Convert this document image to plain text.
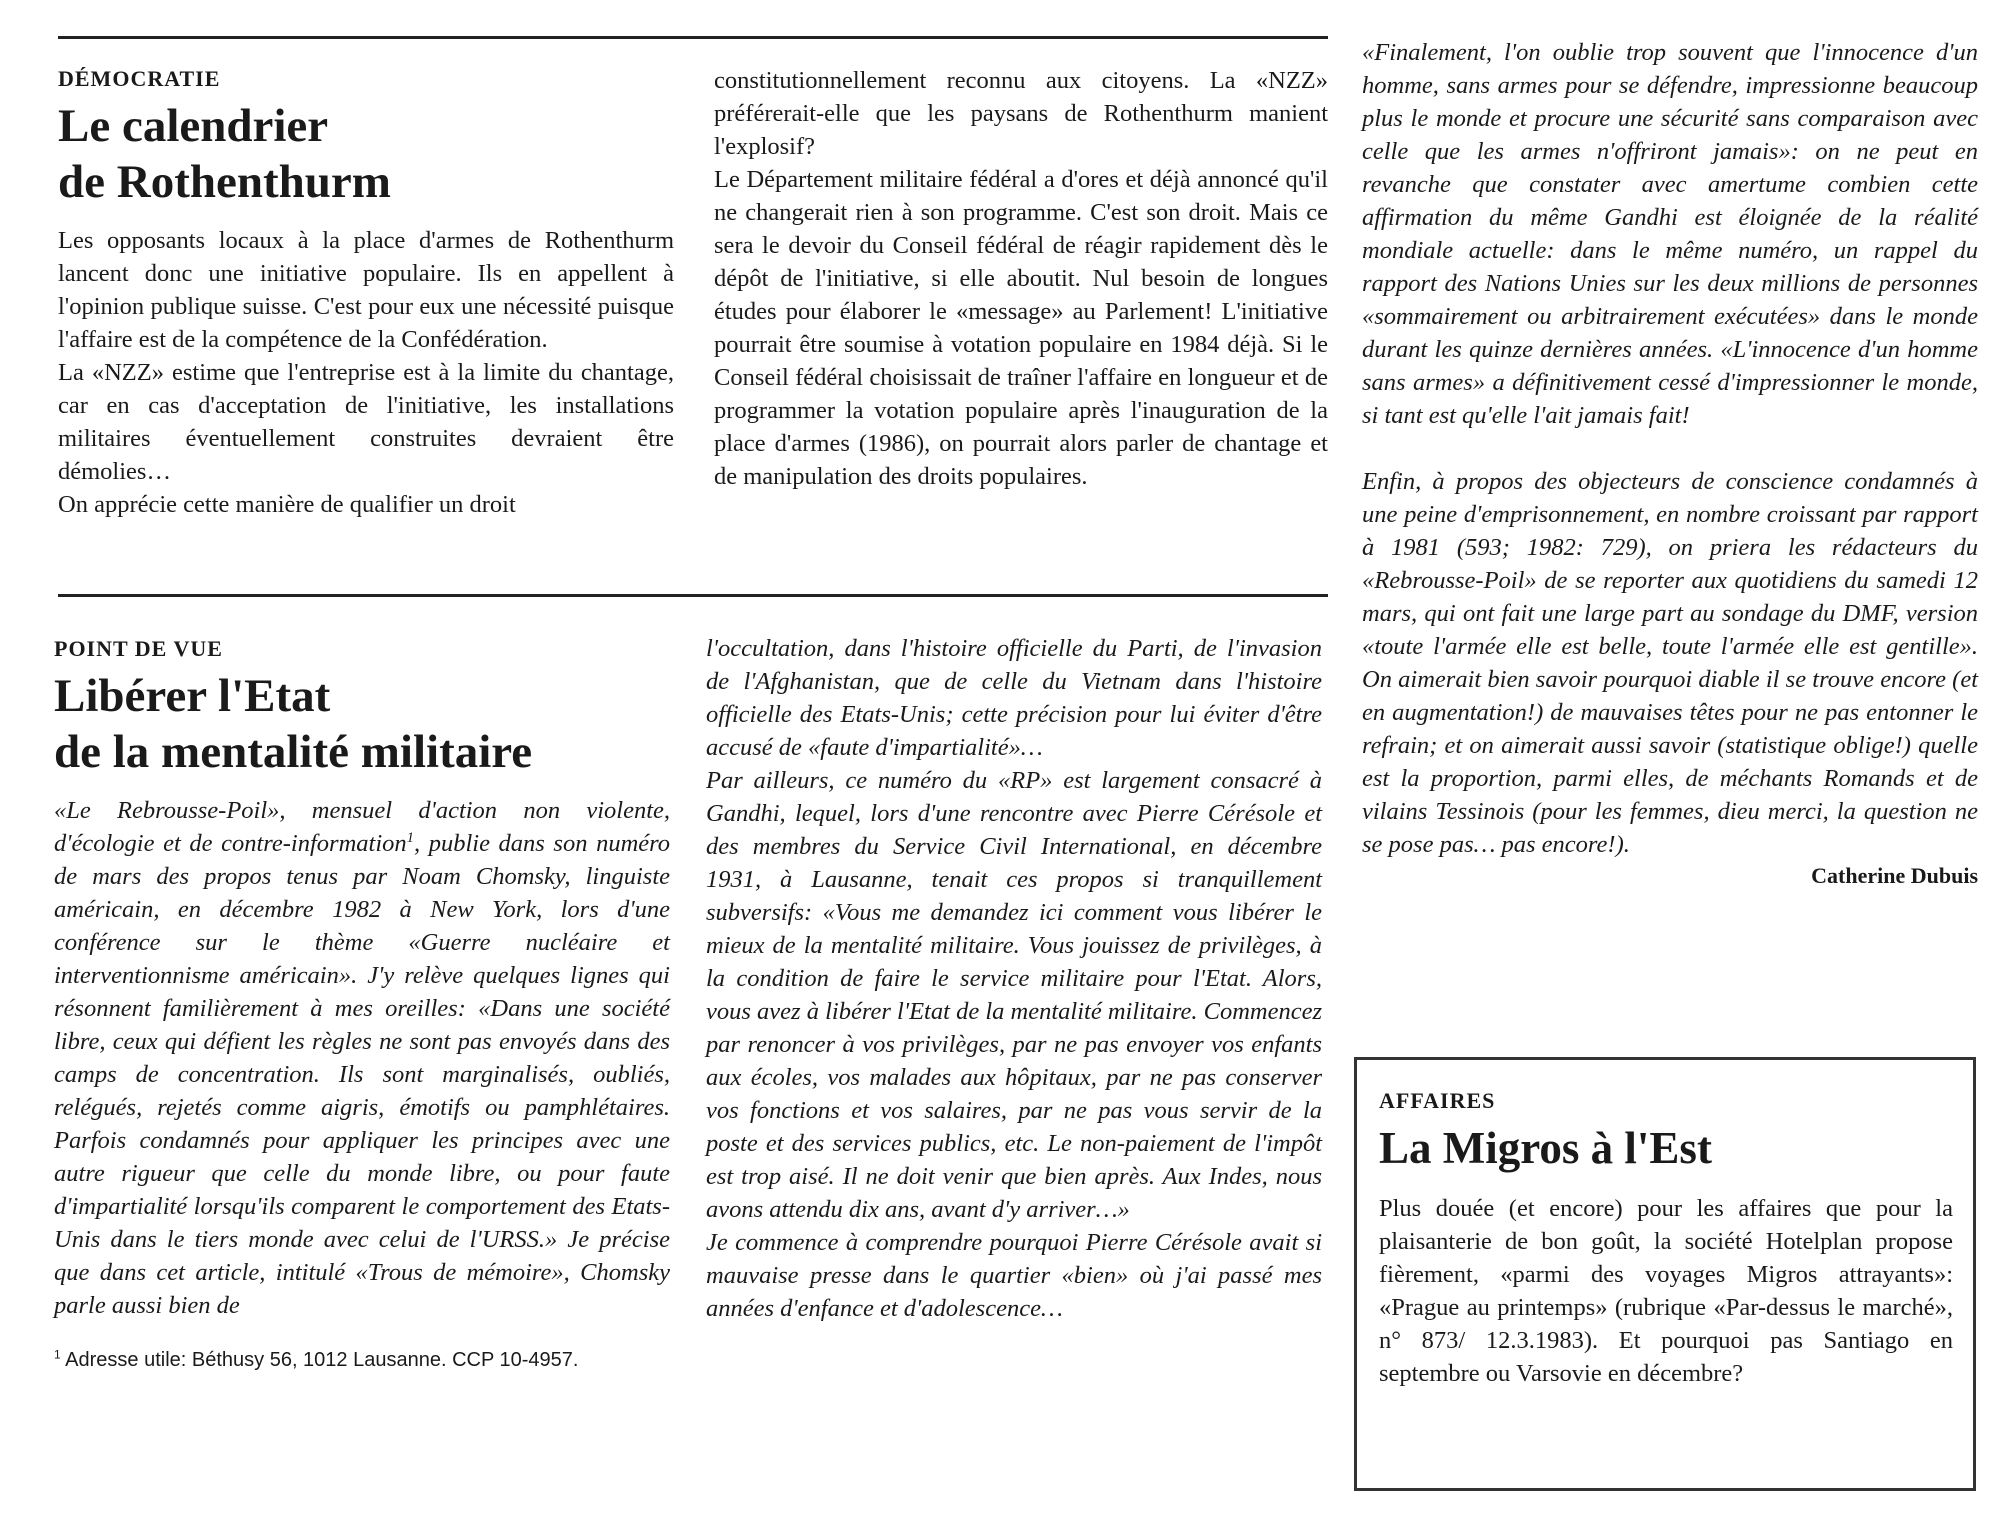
DÉMOCRATIE
Le calendrier
de Rothenthurm

Les opposants locaux à la place d'armes de Rothenthurm lancent donc une initiative populaire. Ils en appellent à l'opinion publique suisse. C'est pour eux une nécessité puisque l'affaire est de la compétence de la Confédération.

La «NZZ» estime que l'entreprise est à la limite du chantage, car en cas d'acceptation de l'initiative, les installations militaires éventuellement construites devraient être démolies…

On apprécie cette manière de qualifier un droit

constitutionnellement reconnu aux citoyens. La «NZZ» préférerait-elle que les paysans de Rothenthurm manient l'explosif?

Le Département militaire fédéral a d'ores et déjà annoncé qu'il ne changerait rien à son programme. C'est son droit. Mais ce sera le devoir du Conseil fédéral de réagir rapidement dès le dépôt de l'initiative, si elle aboutit. Nul besoin de longues études pour élaborer le «message» au Parlement! L'initiative pourrait être soumise à votation populaire en 1984 déjà. Si le Conseil fédéral choisissait de traîner l'affaire en longueur et de programmer la votation populaire après l'inauguration de la place d'armes (1986), on pourrait alors parler de chantage et de manipulation des droits populaires.

POINT DE VUE
Libérer l'Etat
de la mentalité militaire

«Le Rebrousse-Poil», mensuel d'action non violente, d'écologie et de contre-information$^1$, publie dans son numéro de mars des propos tenus par Noam Chomsky, linguiste américain, en décembre 1982 à New York, lors d'une conférence sur le thème «Guerre nucléaire et interventionnisme américain». J'y relève quelques lignes qui résonnent familièrement à mes oreilles: «Dans une société libre, ceux qui défient les règles ne sont pas envoyés dans des camps de concentration. Ils sont marginalisés, oubliés, relégués, rejetés comme aigris, émotifs ou pamphlétaires. Parfois condamnés pour appliquer les principes avec une autre rigueur que celle du monde libre, ou pour faute d'impartialité lorsqu'ils comparent le comportement des Etats-Unis dans le tiers monde avec celui de l'URSS.» Je précise que dans cet article, intitulé «Trous de mémoire», Chomsky parle aussi bien de

$^1$ Adresse utile: Béthusy 56, 1012 Lausanne. CCP 10-4957.

l'occultation, dans l'histoire officielle du Parti, de l'invasion de l'Afghanistan, que de celle du Vietnam dans l'histoire officielle des Etats-Unis; cette précision pour lui éviter d'être accusé de «faute d'impartialité»…

Par ailleurs, ce numéro du «RP» est largement consacré à Gandhi, lequel, lors d'une rencontre avec Pierre Cérésole et des membres du Service Civil International, en décembre 1931, à Lausanne, tenait ces propos si tranquillement subversifs: «Vous me demandez ici comment vous libérer le mieux de la mentalité militaire. Vous jouissez de privilèges, à la condition de faire le service militaire pour l'Etat. Alors, vous avez à libérer l'Etat de la mentalité militaire. Commencez par renoncer à vos privilèges, par ne pas envoyer vos enfants aux écoles, vos malades aux hôpitaux, par ne pas conserver vos fonctions et vos salaires, par ne pas vous servir de la poste et des services publics, etc. Le non-paiement de l'impôt est trop aisé. Il ne doit venir que bien après. Aux Indes, nous avons attendu dix ans, avant d'y arriver…»

Je commence à comprendre pourquoi Pierre Cérésole avait si mauvaise presse dans le quartier «bien» où j'ai passé mes années d'enfance et d'adolescence…

«Finalement, l'on oublie trop souvent que l'innocence d'un homme, sans armes pour se défendre, impressionne beaucoup plus le monde et procure une sécurité sans comparaison avec celle que les armes n'offriront jamais»: on ne peut en revanche que constater avec amertume combien cette affirmation du même Gandhi est éloignée de la réalité mondiale actuelle: dans le même numéro, un rappel du rapport des Nations Unies sur les deux millions de personnes «sommairement ou arbitrairement exécutées» dans le monde durant les quinze dernières années. «L'innocence d'un homme sans armes» a définitivement cessé d'impressionner le monde, si tant est qu'elle l'ait jamais fait!

Enfin, à propos des objecteurs de conscience condamnés à une peine d'emprisonnement, en nombre croissant par rapport à 1981 (593; 1982: 729), on priera les rédacteurs du «Rebrousse-Poil» de se reporter aux quotidiens du samedi 12 mars, qui ont fait une large part au sondage du DMF, version «toute l'armée elle est belle, toute l'armée elle est gentille». On aimerait bien savoir pourquoi diable il se trouve encore (et en augmentation!) de mauvaises têtes pour ne pas entonner le refrain; et on aimerait aussi savoir (statistique oblige!) quelle est la proportion, parmi elles, de méchants Romands et de vilains Tessinois (pour les femmes, dieu merci, la question ne se pose pas… pas encore!).

Catherine Dubuis
AFFAIRES
La Migros à l'Est

Plus douée (et encore) pour les affaires que pour la plaisanterie de bon goût, la société Hotelplan propose fièrement, «parmi des voyages Migros attrayants»: «Prague au printemps» (rubrique «Par-dessus le marché», n° 873/ 12.3.1983). Et pourquoi pas Santiago en septembre ou Varsovie en décembre?
